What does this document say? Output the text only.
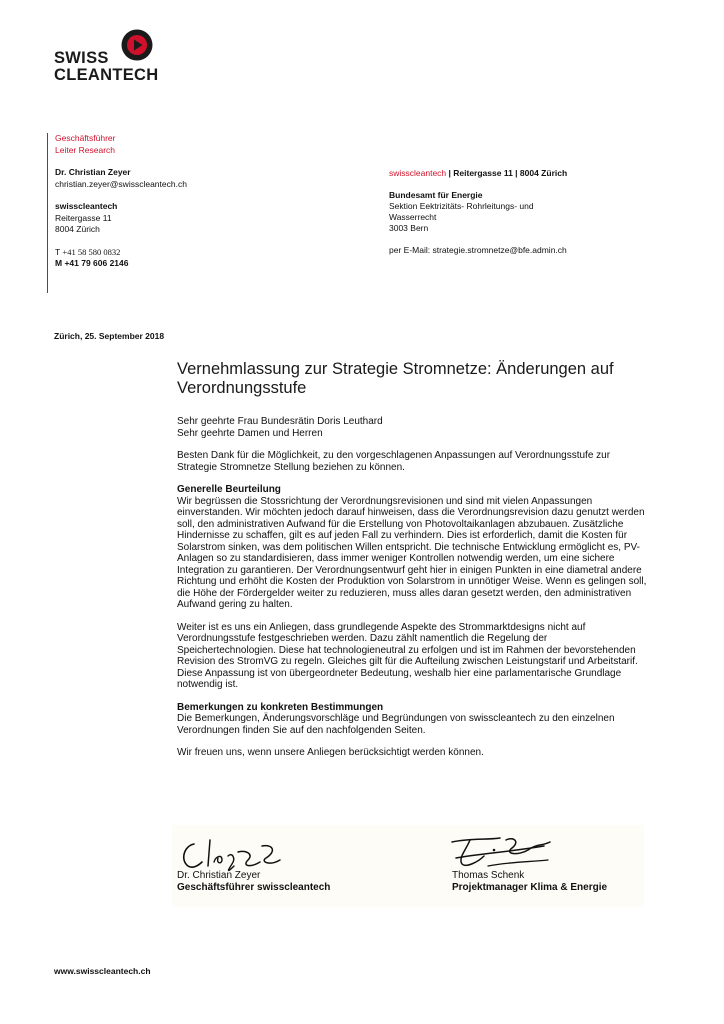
SWISS
CLEANTECH
Geschäftsführer
Leiter Research
Dr. Christian Zeyer
christian.zeyer@swisscleantech.ch
swisscleantech
Reitergasse 11
8004 Zürich
T +41 58 580 0832
M +41 79 606 2146
swisscleantech | Reitergasse 11 | 8004 Zürich
Bundesamt für Energie
Sektion Eektrizitäts- Rohrleitungs- und
Wasserrecht
3003 Bern
per E-Mail: strategie.stromnetze@bfe.admin.ch
Zürich, 25. September 2018
Vernehmlassung zur Strategie Stromnetze: Änderungen auf Verordnungsstufe

Sehr geehrte Frau Bundesrätin Doris Leuthard

Sehr geehrte Damen und Herren

Besten Dank für die Möglichkeit, zu den vorgeschlagenen Anpassungen auf Verordnungsstufe zur Strategie Stromnetze Stellung beziehen zu können.

Generelle Beurteilung

Wir begrüssen die Stossrichtung der Verordnungsrevisionen und sind mit vielen Anpassungen einverstanden. Wir möchten jedoch darauf hinweisen, dass die Verordnungsrevision dazu genutzt werden soll, den administrativen Aufwand für die Erstellung von Photovoltaikanlagen abzubauen. Zusätzliche Hindernisse zu schaffen, gilt es auf jeden Fall zu verhindern. Dies ist erforderlich, damit die Kosten für Solarstrom sinken, was dem politischen Willen entspricht. Die technische Entwicklung ermöglicht es, PV-Anlagen so zu standardisieren, dass immer weniger Kontrollen notwendig werden, um eine sichere Integration zu garantieren. Der Verordnungsentwurf geht hier in einigen Punkten in eine diametral andere Richtung und erhöht die Kosten der Produktion von Solarstrom in unnötiger Weise. Wenn es gelingen soll, die Höhe der Fördergelder weiter zu reduzieren, muss alles daran gesetzt werden, den administrativen Aufwand gering zu halten.

Weiter ist es uns ein Anliegen, dass grundlegende Aspekte des Strommarktdesigns nicht auf Verordnungsstufe festgeschrieben werden. Dazu zählt namentlich die Regelung der Speichertechnologien. Diese hat technologieneutral zu erfolgen und ist im Rahmen der bevorstehenden Revision des StromVG zu regeln. Gleiches gilt für die Aufteilung zwischen Leistungstarif und Arbeitstarif. Diese Anpassung ist von übergeordneter Bedeutung, weshalb hier eine parlamentarische Grundlage notwendig ist.

Bemerkungen zu konkreten Bestimmungen

Die Bemerkungen, Änderungsvorschläge und Begründungen von swisscleantech zu den einzelnen Verordnungen finden Sie auf den nachfolgenden Seiten.

Wir freuen uns, wenn unsere Anliegen berücksichtigt werden können.

Dr. Christian Zeyer
Geschäftsführer swisscleantech
Thomas Schenk
Projektmanager Klima & Energie
www.swisscleantech.ch
